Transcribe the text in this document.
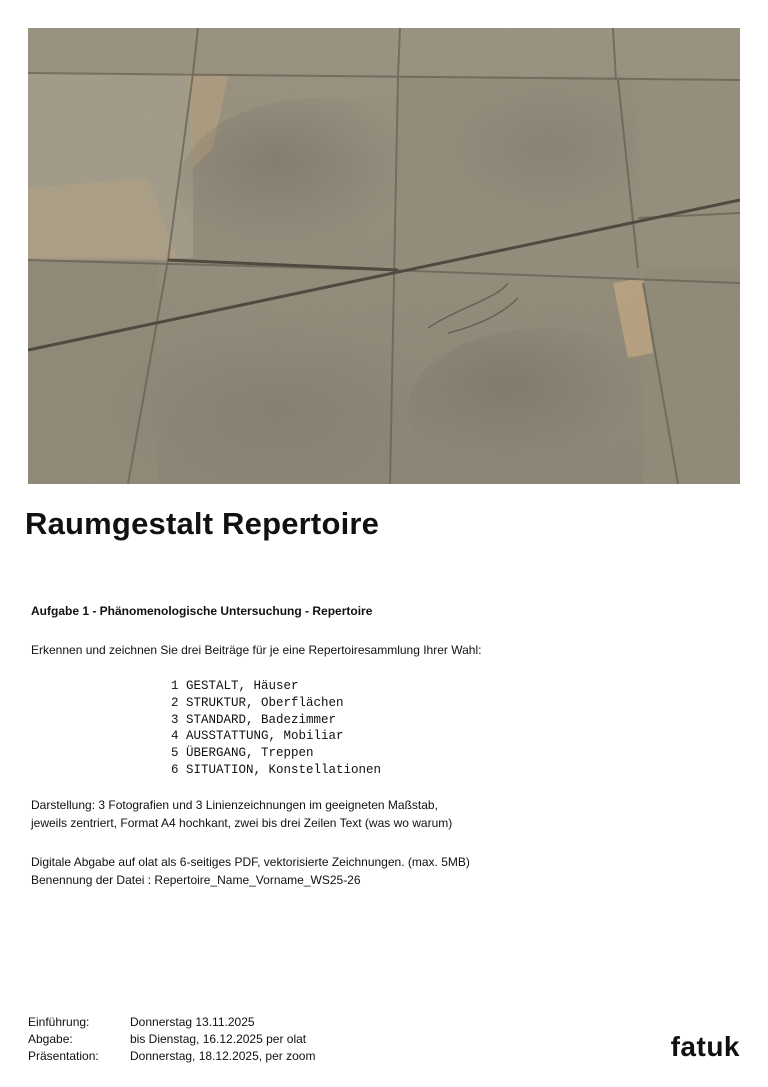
Raumgestalt Repertoire
Aufgabe 1 - Phänomenologische Untersuchung - Repertoire
Erkennen und zeichnen Sie drei Beiträge für je eine Repertoiresammlung Ihrer Wahl:
1 GESTALT, Häuser
2 STRUKTUR, Oberflächen
3 STANDARD, Badezimmer
4 AUSSTATTUNG, Mobiliar
5 ÜBERGANG, Treppen
6 SITUATION, Konstellationen
Darstellung: 3 Fotografien und 3 Linienzeichnungen im geeigneten Maßstab,
jeweils zentriert, Format A4 hochkant, zwei bis drei Zeilen Text (was wo warum)
Digitale Abgabe auf olat als 6-seitiges PDF, vektorisierte Zeichnungen. (max. 5MB)
Benennung der Datei : Repertoire_Name_Vorname_WS25-26
Einführung:	Donnerstag 13.11.2025
Abgabe:	bis Dienstag, 16.12.2025 per olat
Präsentation:	Donnerstag, 18.12.2025, per zoom	fatuk
